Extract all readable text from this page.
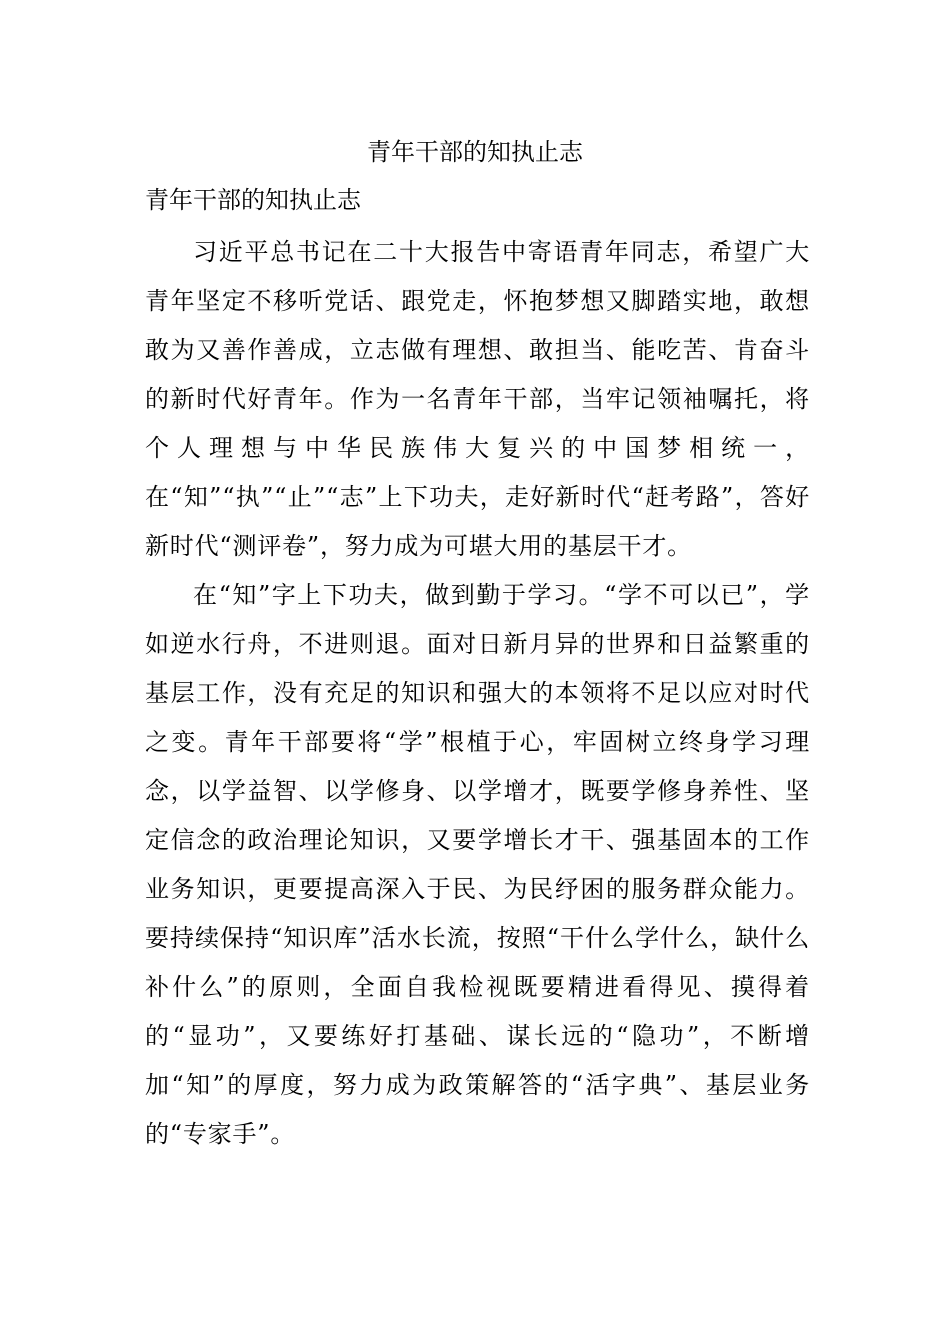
青年干部的知执止志
青年干部的知执止志

习近平总书记在二十大报告中寄语青年同志，希望广大青年坚定不移听党话、跟党走，怀抱梦想又脚踏实地，敢想敢为又善作善成，立志做有理想、敢担当、能吃苦、肯奋斗的新时代好青年。作为一名青年干部，当牢记领袖嘱托，将个人理想与中华民族伟大复兴的中国梦相统一，在“知”“执”“止”“志”上下功夫，走好新时代“赶考路”，答好新时代“测评卷”，努力成为可堪大用的基层干才。

在“知”字上下功夫，做到勤于学习。“学不可以已”，学如逆水行舟，不进则退。面对日新月异的世界和日益繁重的基层工作，没有充足的知识和强大的本领将不足以应对时代之变。青年干部要将“学”根植于心，牢固树立终身学习理念，以学益智、以学修身、以学增才，既要学修身养性、坚定信念的政治理论知识，又要学增长才干、强基固本的工作业务知识，更要提高深入于民、为民纾困的服务群众能力。要持续保持“知识库”活水长流，按照“干什么学什么，缺什么补什么”的原则，全面自我检视既要精进看得见、摸得着的“显功”，又要练好打基础、谋长远的“隐功”，不断增加“知”的厚度，努力成为政策解答的“活字典”、基层业务的“专家手”。
